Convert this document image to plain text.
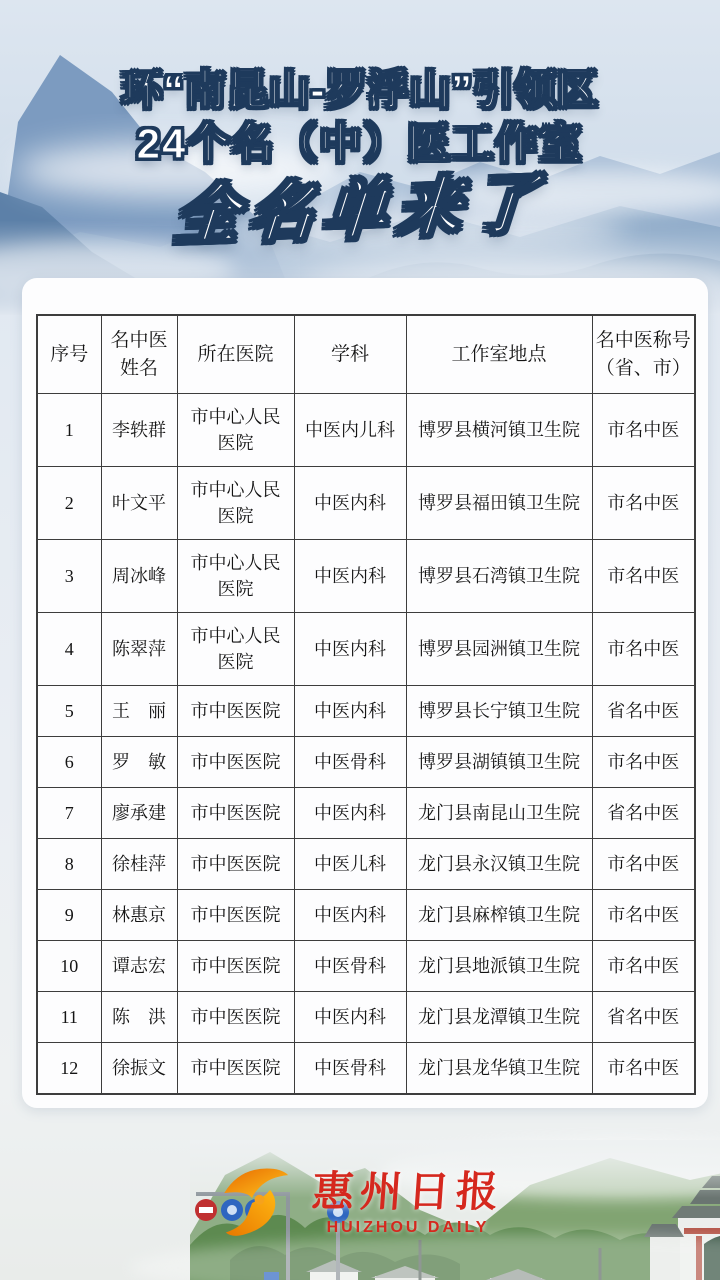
环“南昆山-罗浮山”引领区
24个名（中）医工作室
全名单来了
序号	名中医姓名	所在医院	学科	工作室地点	名中医称号（省、市）
1	李轶群	市中心人民医院	中医内儿科	博罗县横河镇卫生院	市名中医
2	叶文平	市中心人民医院	中医内科	博罗县福田镇卫生院	市名中医
3	周冰峰	市中心人民医院	中医内科	博罗县石湾镇卫生院	市名中医
4	陈翠萍	市中心人民医院	中医内科	博罗县园洲镇卫生院	市名中医
5	王　丽	市中医医院	中医内科	博罗县长宁镇卫生院	省名中医
6	罗　敏	市中医医院	中医骨科	博罗县湖镇镇卫生院	市名中医
7	廖承建	市中医医院	中医内科	龙门县南昆山卫生院	省名中医
8	徐桂萍	市中医医院	中医儿科	龙门县永汉镇卫生院	市名中医
9	林惠京	市中医医院	中医内科	龙门县麻榨镇卫生院	市名中医
10	谭志宏	市中医医院	中医骨科	龙门县地派镇卫生院	市名中医
11	陈　洪	市中医医院	中医内科	龙门县龙潭镇卫生院	省名中医
12	徐振文	市中医医院	中医骨科	龙门县龙华镇卫生院	市名中医
惠州日报
HUIZHOU DAILY
